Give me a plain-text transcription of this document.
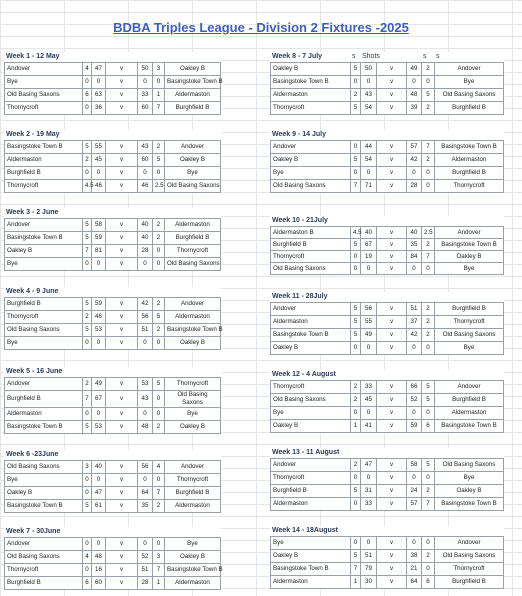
BDBA Triples League - Division 2 Fixtures -2025
Week 1 - 12 May
Andover	4	47	v	50	3	Oakley B
Bye	0	0	v	0	0	Basingstoke Town B
Old Basing Saxons	6	63	v	33	1	Aldermaston
Thornycroft	0	36	v	60	7	Burghfield B
Week 2 - 19 May
Basingstoke Town B	5	55	v	43	2	Andover
Aldermaston	2	45	v	60	5	Oakley B
Burghfield B	0	0	v	0	0	Bye
Thornycroft	4.5	46	v	46	2.5	Old Basing Saxons
Week 3 - 2 June
Andover	5	58	v	40	2	Aldermaston
Basingstoke Town B	5	59	v	40	2	Burghfield B
Oakley B	7	81	v	28	0	Thornycroft
Bye	0	0	v	0	0	Old Basing Saxons
Week 4 - 9 June
Burghfield B	5	59	v	42	2	Andover
Thornycroft	2	46	v	56	5	Aldermaston
Old Basing Saxons	5	53	v	51	2	Basingstoke Town B
Bye	0	0	v	0	0	Oakley B
Week 5 - 16 June
Andover	2	49	v	53	5	Thornycroft
Burghfield B	7	67	v	43	0	Old Basing Saxons
Aldermaston	0	0	v	0	0	Bye
Basingstoke Town B	5	53	v	48	2	Oakley B
Week 6 -23June
Old Basing Saxons	3	40	v	56	4	Andover
Bye	0	0	v	0	0	Thornycroft
Oakley B	0	47	v	64	7	Burghfield B
Basingstoke Town B	5	61	v	35	2	Aldermaston
Week 7 - 30June
Andover	0	0	v	0	0	Bye
Old Basing Saxons	4	48	v	52	3	Oakley B
Thornycroft	0	16	v	51	7	Basingstoke Town B
Burghfield B	6	60	v	28	1	Aldermaston
Week 8 - 7 July	s Shots	s	s
Oakley B	5	50	v	49	2	Andover
Basingstoke Town B	0	0	v	0	0	Bye
Aldermaston	2	43	v	48	5	Old Basing Saxons
Thornycroft	5	54	v	39	2	Burghfield B
Week 9 - 14 July
Andover	0	44	v	57	7	Basingstoke Town B
Oakley B	5	54	v	42	2	Aldermaston
Bye	0	0	v	0	0	Burghfield B
Old Basing Saxons	7	71	v	28	0	Thornycroft
Week 10 - 21July
Aldermaston B	4.5	40	v	40	2.5	Andover
Burghfield B	5	67	v	35	2	Basingstoke Town B
Thornycroft	0	19	v	84	7	Oakley B
Old Basing Saxons	0	0	v	0	0	Bye
Week 11 - 28July
Andover	5	56	v	51	2	Burghfield B
Aldermaston	5	55	v	37	2	Thornycroft
Basingstoke Town B	5	49	v	42	2	Old Basing Saxons
Oakley B	0	0	v	0	0	Bye
Week 12 - 4 August
Thornycroft	2	33	v	66	5	Andover
Old Basing Saxons	2	45	v	52	5	Burghfield B
Bye	0	0	v	0	0	Aldermaston
Oakley B	1	41	v	59	6	Basingstoke Town B
Week 13 - 11 August
Andover	2	47	v	58	5	Old Basing Saxons
Thornycroft	0	0	v	0	0	Bye
Burghfield B	5	31	v	24	2	Oakley B
Aldermaston	0	33	v	57	7	Basingstoke Town B
Week 14 - 18August
Bye	0	0	v	0	0	Andover
Oakley B	5	51	v	38	2	Old Basing Saxons
Basingstoke Town B	7	79	v	21	0	Thornycroft
Aldermaston	1	30	v	64	6	Burghfield B
